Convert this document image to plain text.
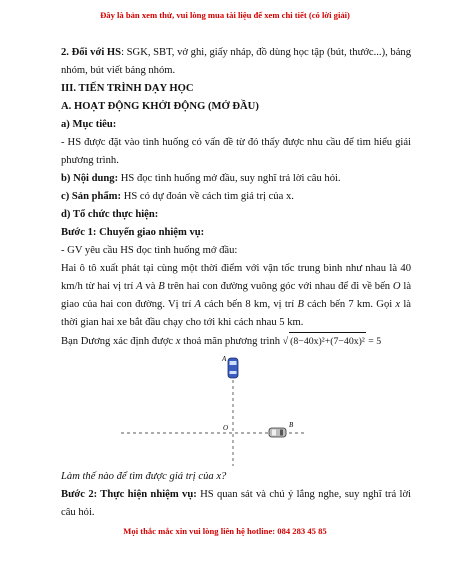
Đây là bản xem thử, vui lòng mua tài liệu để xem chi tiết (có lời giải)

2. Đối với HS: SGK, SBT, vở ghi, giấy nháp, đồ dùng học tập (bút, thước...), bảng nhóm, bút viết bảng nhóm.

III. TIẾN TRÌNH DẠY HỌC

A. HOẠT ĐỘNG KHỞI ĐỘNG (MỞ ĐẦU)

a) Mục tiêu:

- HS được đặt vào tình huống có vấn đề từ đó thấy được nhu cầu để tìm hiểu giải phương trình.

b) Nội dung: HS đọc tình huống mở đầu, suy nghĩ trả lời câu hỏi.

c) Sản phẩm: HS có dự đoán về cách tìm giá trị của x.

d) Tổ chức thực hiện:

Bước 1: Chuyển giao nhiệm vụ:

- GV yêu cầu HS đọc tình huống mở đầu:

Hai ô tô xuất phát tại cùng một thời điểm với vận tốc trung bình như nhau là 40 km/h từ hai vị trí A và B trên hai con đường vuông góc với nhau để đi về bến O là giao của hai con đường. Vị trí A cách bến 8 km, vị trí B cách bến 7 km. Gọi x là thời gian hai xe bắt đầu chạy cho tới khi cách nhau 5 km.

Bạn Dương xác định được x thoả mãn phương trình √ (8−40x)²+(7−40x)² = 5

A
O	B

Làm thế nào để tìm được giá trị của x?

Bước 2: Thực hiện nhiệm vụ: HS quan sát và chú ý lắng nghe, suy nghĩ trả lời câu hỏi.

Mọi thắc mắc xin vui lòng liên hệ hotline: 084 283 45 85
